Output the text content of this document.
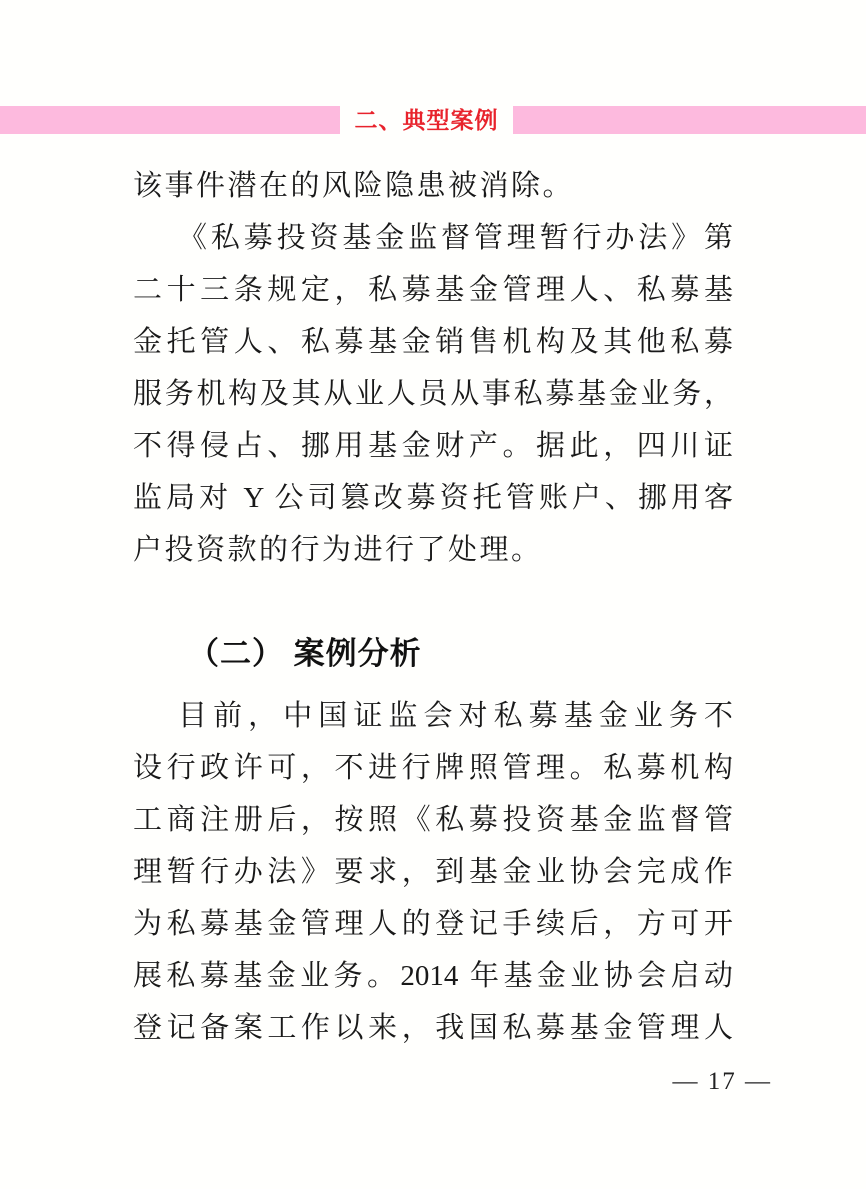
二、典型案例
该事件潜在的风险隐患被消除。
《私募投资基金监督管理暂行办法》第
二十三条规定，私募基金管理人、私募基
金托管人、私募基金销售机构及其他私募
服务机构及其从业人员从事私募基金业务，
不得侵占、挪用基金财产。据此，四川证
监局对 Y 公司篡改募资托管账户、挪用客
户投资款的行为进行了处理。
（二） 案例分析
目前，中国证监会对私募基金业务不
设行政许可，不进行牌照管理。私募机构
工商注册后，按照《私募投资基金监督管
理暂行办法》要求，到基金业协会完成作
为私募基金管理人的登记手续后，方可开
展私募基金业务。2014 年基金业协会启动
登记备案工作以来，我国私募基金管理人
— 17 —
